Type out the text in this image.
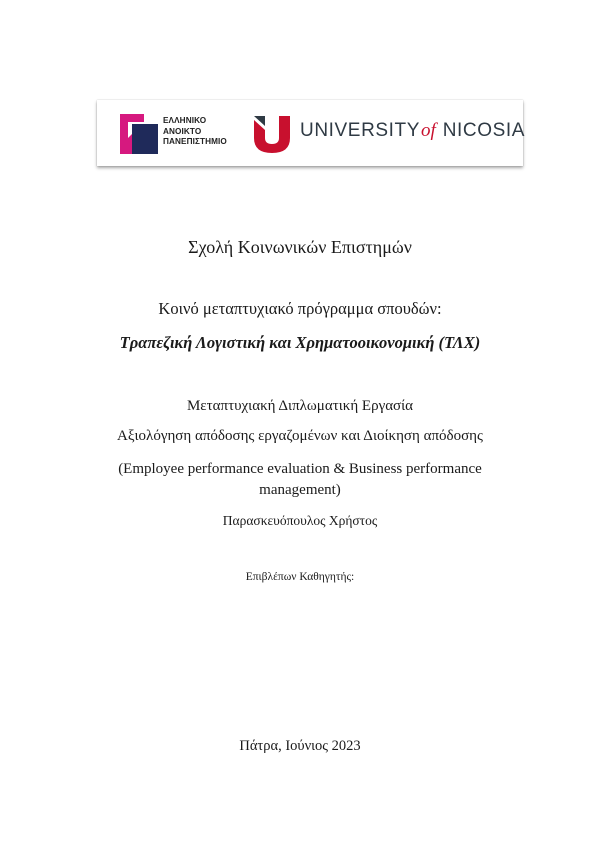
ΕΛΛΗΝΙΚΟ
ΑΝΟΙΚΤΟ
ΠΑΝΕΠΙΣΤΗΜΙΟ
UNIVERSITYof NICOSIA
Σχολή Κοινωνικών Επιστημών
Κοινό μεταπτυχιακό πρόγραμμα σπουδών:
Τραπεζική Λογιστική και Χρηματοοικονομική (ΤΛΧ)
Μεταπτυχιακή Διπλωματική Εργασία
Αξιολόγηση απόδοσης εργαζομένων και Διοίκηση απόδοσης
(Employee performance evaluation & Business performance management)
Παρασκευόπουλος Χρήστος
Επιβλέπων Καθηγητής:
Πάτρα, Ιούνιος 2023
